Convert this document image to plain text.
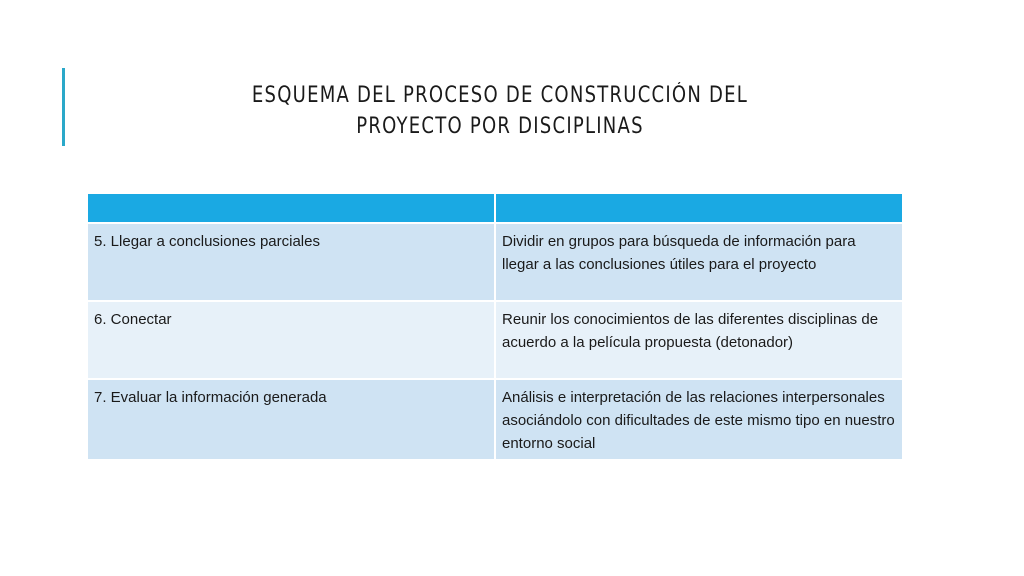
ESQUEMA DEL PROCESO DE CONSTRUCCIÓN DEL PROYECTO POR DISCIPLINAS

5. Llegar a conclusiones parciales	Dividir en grupos para búsqueda de información para llegar a las conclusiones útiles para el proyecto
6. Conectar	Reunir los conocimientos de las diferentes disciplinas de acuerdo a la película propuesta (detonador)
7. Evaluar la información generada	Análisis e interpretación de las relaciones interpersonales asociándolo con dificultades de este mismo tipo en nuestro entorno social
